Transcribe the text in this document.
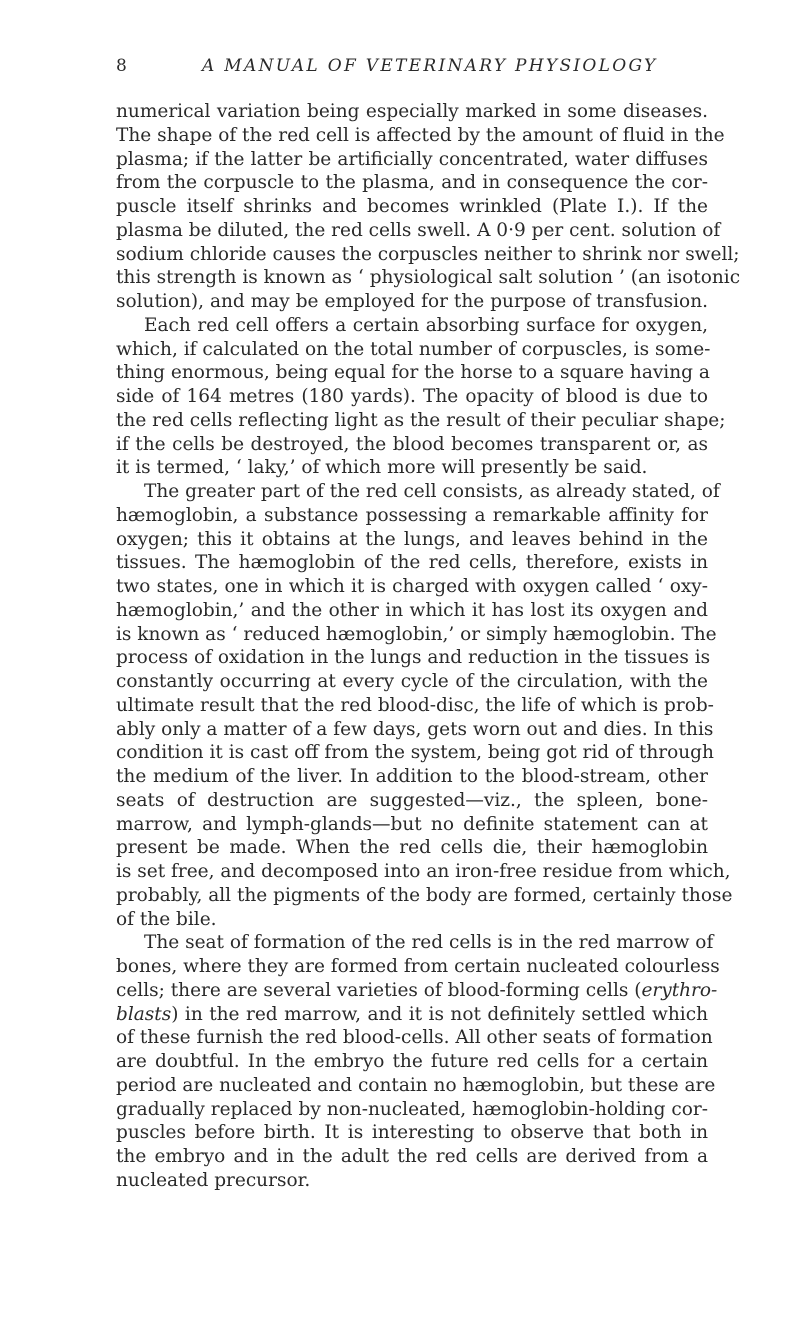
8	A MANUAL OF VETERINARY PHYSIOLOGY
numerical variation being especially marked in some diseases.
The shape of the red cell is affected by the amount of fluid in the
plasma; if the latter be artificially concentrated, water diffuses
from the corpuscle to the plasma, and in consequence the cor-
puscle itself shrinks and becomes wrinkled (Plate I.). If the
plasma be diluted, the red cells swell. A 0·9 per cent. solution of
sodium chloride causes the corpuscles neither to shrink nor swell;
this strength is known as ‘ physiological salt solution ’ (an isotonic
solution), and may be employed for the purpose of transfusion.
Each red cell offers a certain absorbing surface for oxygen,
which, if calculated on the total number of corpuscles, is some-
thing enormous, being equal for the horse to a square having a
side of 164 metres (180 yards). The opacity of blood is due to
the red cells reflecting light as the result of their peculiar shape;
if the cells be destroyed, the blood becomes transparent or, as
it is termed, ‘ laky,’ of which more will presently be said.
The greater part of the red cell consists, as already stated, of
hæmoglobin, a substance possessing a remarkable affinity for
oxygen; this it obtains at the lungs, and leaves behind in the
tissues. The hæmoglobin of the red cells, therefore, exists in
two states, one in which it is charged with oxygen called ‘ oxy-
hæmoglobin,’ and the other in which it has lost its oxygen and
is known as ‘ reduced hæmoglobin,’ or simply hæmoglobin. The
process of oxidation in the lungs and reduction in the tissues is
constantly occurring at every cycle of the circulation, with the
ultimate result that the red blood-disc, the life of which is prob-
ably only a matter of a few days, gets worn out and dies. In this
condition it is cast off from the system, being got rid of through
the medium of the liver. In addition to the blood-stream, other
seats of destruction are suggested—viz., the spleen, bone-
marrow, and lymph-glands—but no definite statement can at
present be made. When the red cells die, their hæmoglobin
is set free, and decomposed into an iron-free residue from which,
probably, all the pigments of the body are formed, certainly those
of the bile.
The seat of formation of the red cells is in the red marrow of
bones, where they are formed from certain nucleated colourless
cells; there are several varieties of blood-forming cells (erythro-
blasts) in the red marrow, and it is not definitely settled which
of these furnish the red blood-cells. All other seats of formation
are doubtful. In the embryo the future red cells for a certain
period are nucleated and contain no hæmoglobin, but these are
gradually replaced by non-nucleated, hæmoglobin-holding cor-
puscles before birth. It is interesting to observe that both in
the embryo and in the adult the red cells are derived from a
nucleated precursor.
